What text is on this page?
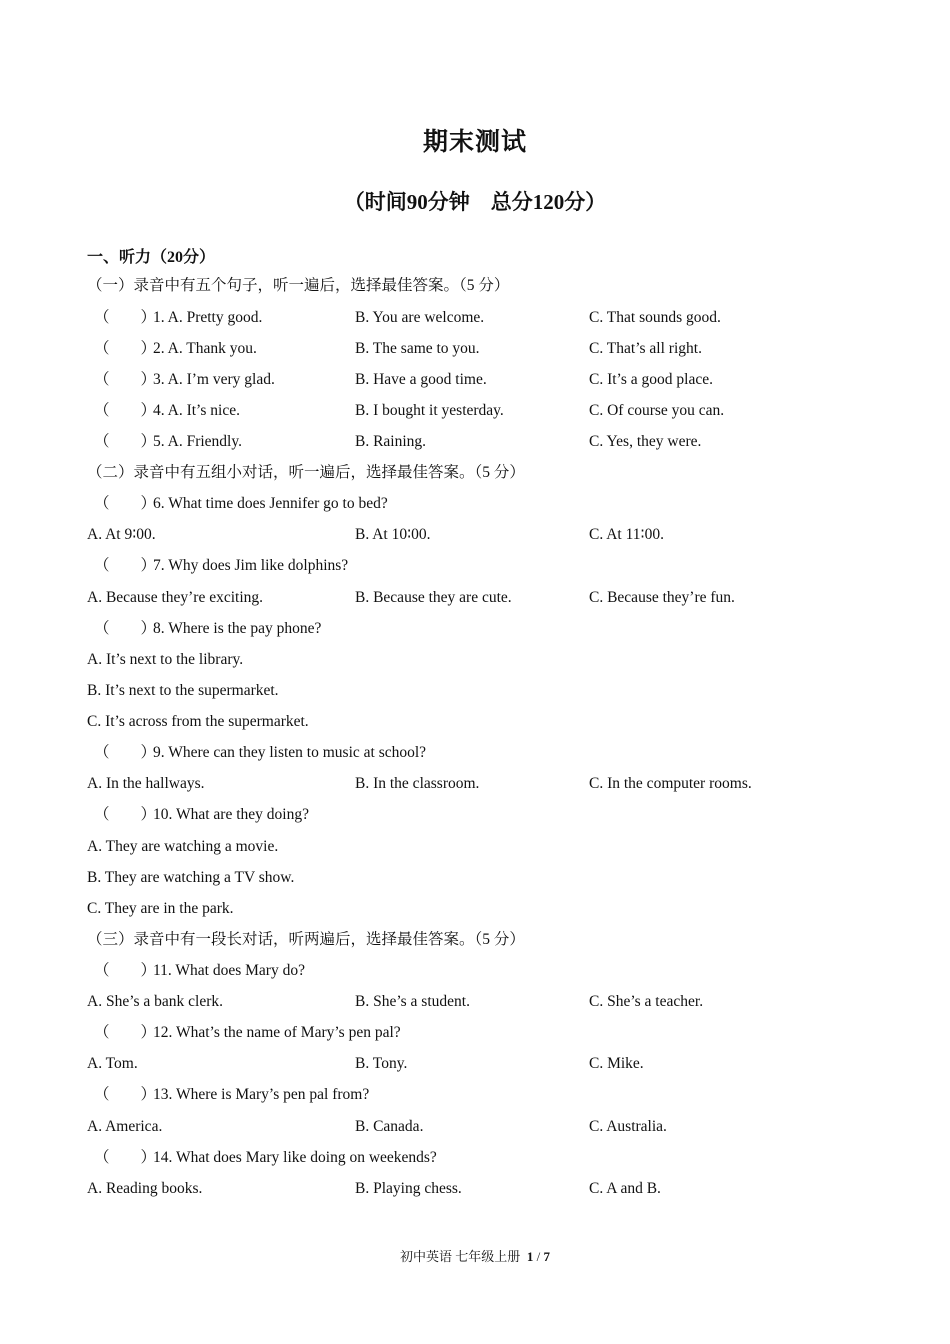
期末测试
（时间90分钟　总分120分）
一、听力（20分）
（一）录音中有五个句子，听一遍后，选择最佳答案。（5 分）
（　　）
1. A. Pretty good.	B. You are welcome.	C. That sounds good.
（　　）
2. A. Thank you.	B. The same to you.	C. That’s all right.
（　　）
3. A. I’m very glad.	B. Have a good time.	C. It’s a good place.
（　　）
4. A. It’s nice.	B. I bought it yesterday.	C. Of course you can.
（　　）
5. A. Friendly.	B. Raining.	C. Yes, they were.
（二）录音中有五组小对话，听一遍后，选择最佳答案。（5 分）
（　　）
6. What time does Jennifer go to bed?
A. At 9∶00.	B. At 10∶00.	C. At 11∶00.
（　　）
7. Why does Jim like dolphins?
A. Because they’re exciting.	B. Because they are cute.	C. Because they’re fun.
（　　）
8. Where is the pay phone?
A. It’s next to the library.
B. It’s next to the supermarket.
C. It’s across from the supermarket.
（　　）
9. Where can they listen to music at school?
A. In the hallways.	B. In the classroom.	C. In the computer rooms.
（　　）
10. What are they doing?
A. They are watching a movie.
B. They are watching a TV show.
C. They are in the park.
（三）录音中有一段长对话，听两遍后，选择最佳答案。（5 分）
（　　）
11. What does Mary do?
A. She’s a bank clerk.	B. She’s a student.	C. She’s a teacher.
（　　）
12. What’s the name of Mary’s pen pal?
A. Tom.	B. Tony.	C. Mike.
（　　）
13. Where is Mary’s pen pal from?
A. America.	B. Canada.	C. Australia.
（　　）
14. What does Mary like doing on weekends?
A. Reading books.	B. Playing chess.	C. A and B.
初中英语 七年级上册 1 / 7
